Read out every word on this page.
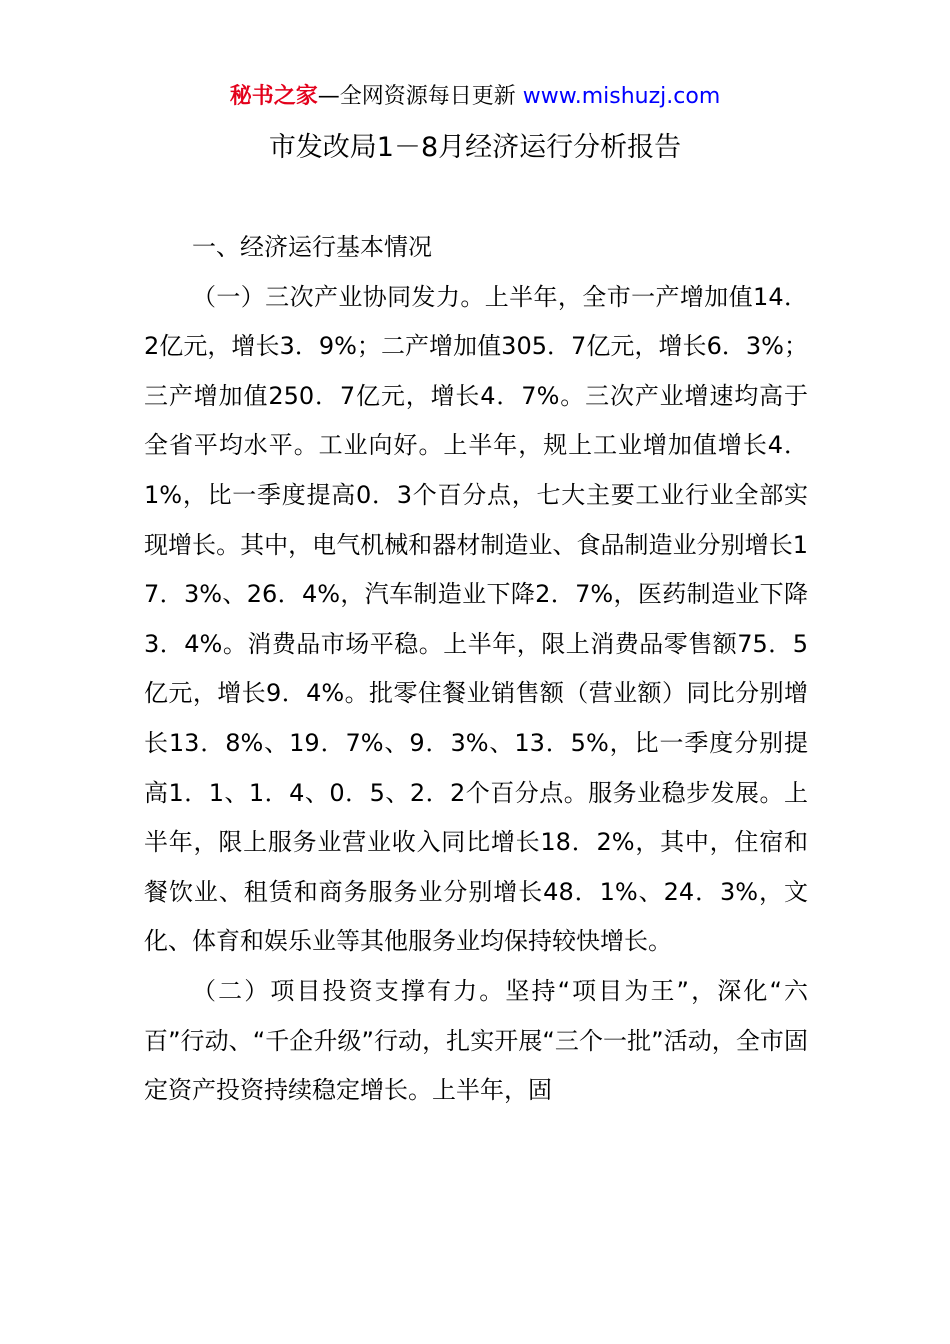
秘书之家—全网资源每日更新 www.mishuzj.com
市发改局1－8月经济运行分析报告

一、经济运行基本情况

（一）三次产业协同发力。上半年，全市一产增加值14．2亿元，增长3．9%；二产增加值305．7亿元，增长6．3%；三产增加值250．7亿元，增长4．7%。三次产业增速均高于全省平均水平。工业向好。上半年，规上工业增加值增长4．1%，比一季度提高0．3个百分点，七大主要工业行业全部实现增长。其中，电气机械和器材制造业、食品制造业分别增长17．3%、26．4%，汽车制造业下降2．7%，医药制造业下降3．4%。消费品市场平稳。上半年，限上消费品零售额75．5亿元，增长9．4%。批零住餐业销售额（营业额）同比分别增长13．8%、19．7%、9．3%、13．5%，比一季度分别提高1．1、1．4、0．5、2．2个百分点。服务业稳步发展。上半年，限上服务业营业收入同比增长18．2%，其中，住宿和餐饮业、租赁和商务服务业分别增长48．1%、24．3%，文化、体育和娱乐业等其他服务业均保持较快增长。

（二）项目投资支撑有力。坚持“项目为王”，深化“六百”行动、“千企升级”行动，扎实开展“三个一批”活动，全市固定资产投资持续稳定增长。上半年，固
